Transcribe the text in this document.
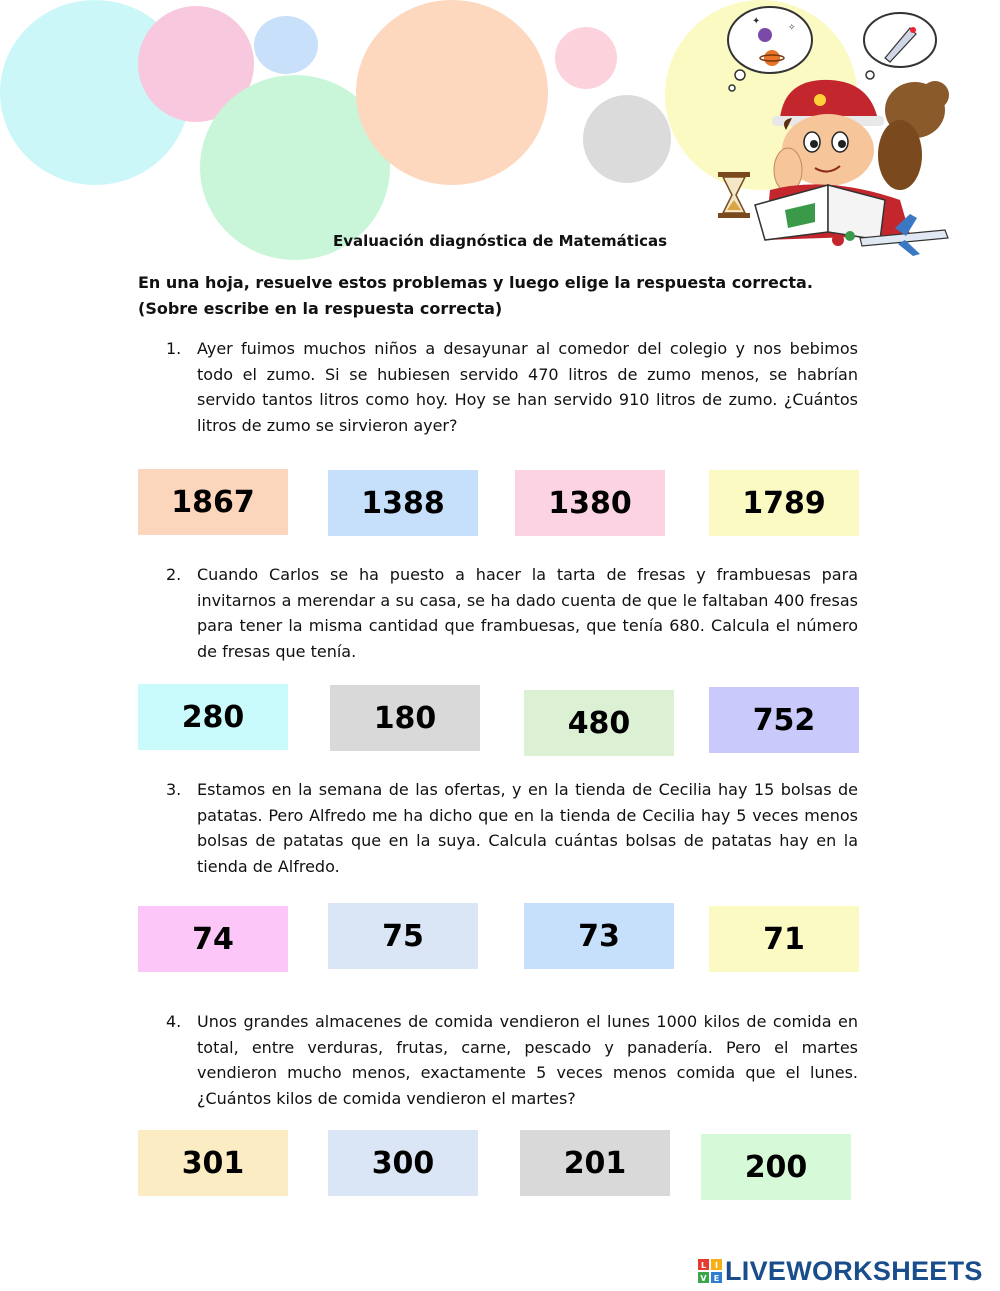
✦
✧
Evaluación diagnóstica de Matemáticas
En una hoja, resuelve estos problemas y luego elige la respuesta correcta. (Sobre escribe en la respuesta correcta)
1. Ayer fuimos muchos niños a desayunar al comedor del colegio y nos bebimos todo el zumo. Si se hubiesen servido 470 litros de zumo menos, se habrían servido tantos litros como hoy. Hoy se han servido 910 litros de zumo. ¿Cuántos litros de zumo se sirvieron ayer?
1867	1388	1380	1789
2. Cuando Carlos se ha puesto a hacer la tarta de fresas y frambuesas para invitarnos a merendar a su casa, se ha dado cuenta de que le faltaban 400 fresas para tener la misma cantidad que frambuesas, que tenía 680. Calcula el número de fresas que tenía.
280	180	480	752
3. Estamos en la semana de las ofertas, y en la tienda de Cecilia hay 15 bolsas de patatas. Pero Alfredo me ha dicho que en la tienda de Cecilia hay 5 veces menos bolsas de patatas que en la suya. Calcula cuántas bolsas de patatas hay en la tienda de Alfredo.
74	75	73	71
4. Unos grandes almacenes de comida vendieron el lunes 1000 kilos de comida en total, entre verduras, frutas, carne, pescado y panadería. Pero el martes vendieron mucho menos, exactamente 5 veces menos comida que el lunes. ¿Cuántos kilos de comida vendieron el martes?
301	300	201	200
L I
V E LIVEWORKSHEETS
